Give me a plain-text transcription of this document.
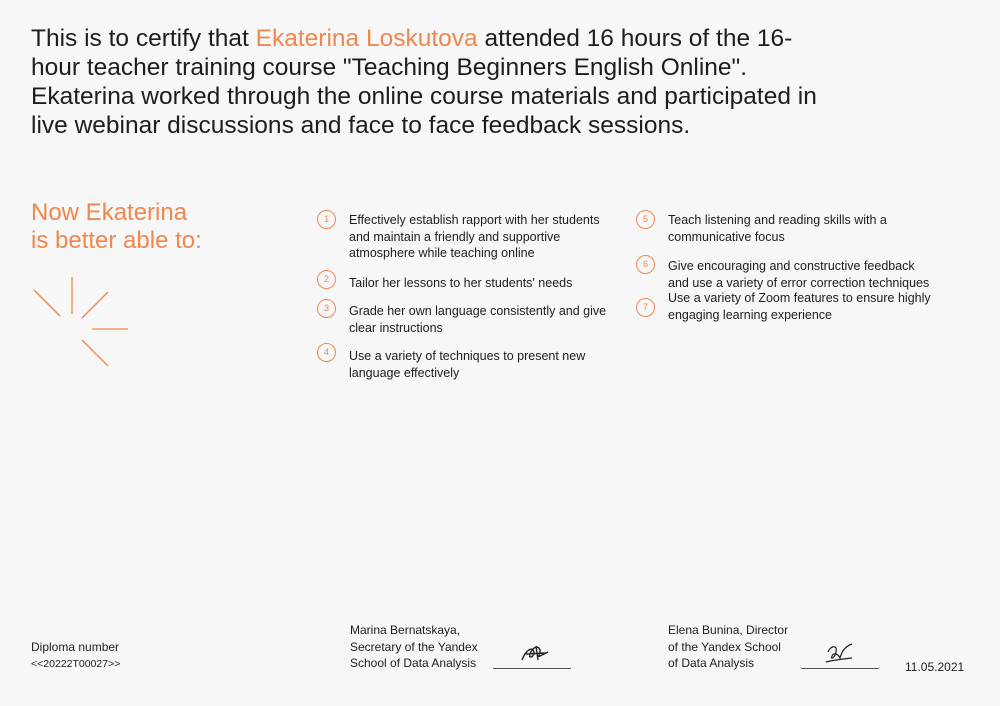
This is to certify that Ekaterina Loskutova attended 16 hours of the 16-hour teacher training course "Teaching Beginners English Online".

Ekaterina worked through the online course materials and participated in live webinar discussions and face to face feedback sessions.

Now Ekaterina
is better able to:
1	Effectively establish rapport with her students and maintain a friendly and supportive atmosphere while teaching online
2	Tailor her lessons to her students' needs
3	Grade her own language consistently and give clear instructions
4	Use a variety of techniques to present new language effectively
5	Teach listening and reading skills with a communicative focus
6	Give encouraging and constructive feedback and use a variety of error correction techniques
7
Use a variety of Zoom features to ensure highly engaging learning experience
Diploma number
<<20222T00027>>
Marina Bernatskaya,
Secretary of the Yandex
School of Data Analysis
Elena Bunina, Director
of the Yandex School
of Data Analysis	11.05.2021
